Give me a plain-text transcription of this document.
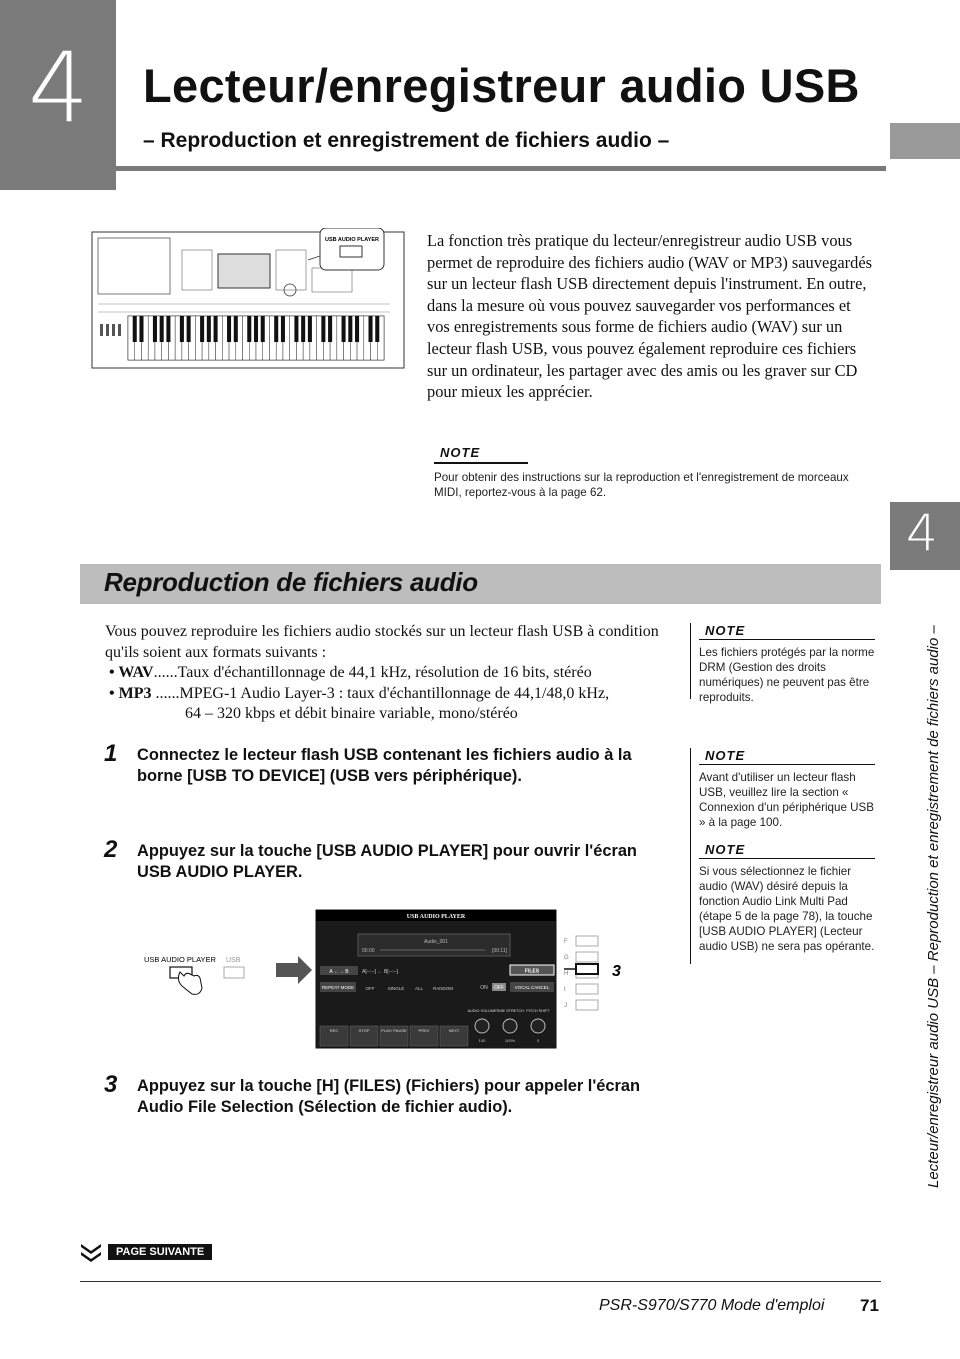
4 Lecteur/enregistreur audio USB
– Reproduction et enregistrement de fichiers audio –
4
Lecteur/enregistreur audio USB – Reproduction et enregistrement de fichiers audio –
USB AUDIO PLAYER	La fonction très pratique du lecteur/enregistreur audio USB vous permet de reproduire des fichiers audio (WAV or MP3) sauvegardés sur un lecteur flash USB directement depuis l'instrument. En outre, dans la mesure où vous pouvez sauvegarder vos performances et vos enregistrements sous forme de fichiers audio (WAV) sur un lecteur flash USB, vous pouvez également reproduire ces fichiers sur un ordinateur, les partager avec des amis ou les graver sur CD pour mieux les apprécier.

NOTE

Pour obtenir des instructions sur la reproduction et l'enregistrement de morceaux MIDI, reportez-vous à la page 62.

Reproduction de fichiers audio

Vous pouvez reproduire les fichiers audio stockés sur un lecteur flash USB à condition qu'ils soient aux formats suivants :

• WAV......Taux d'échantillonnage de 44,1 kHz, résolution de 16 bits, stéréo
• MP3 ......MPEG-1 Audio Layer-3 : taux d'échantillonnage de 44,1/48,0 kHz,
64 – 320 kbps et débit binaire variable, mono/stéréo
1 Connectez le lecteur flash USB contenant les fichiers audio à la borne [USB TO DEVICE] (USB vers périphérique).

2 Appuyez sur la touche [USB AUDIO PLAYER] pour ouvrir l'écran USB AUDIO PLAYER.

3 Appuyez sur la touche [H] (FILES) (Fichiers) pour appeler l'écran Audio File Selection (Sélection de fichier audio).

NOTE

Les fichiers protégés par la norme DRM (Gestion des droits numériques) ne peuvent pas être reproduits.

NOTE

Avant d'utiliser un lecteur flash USB, veuillez lire la section « Connexion d'un périphérique USB » à la page 100.

NOTE

Si vous sélectionnez le fichier audio (WAV) désiré depuis la fonction Audio Link Multi Pad (étape 5 de la page 78), la touche [USB AUDIO PLAYER] (Lecteur audio USB) ne sera pas opérante.

USB AUDIO PLAYER USB
USB AUDIO PLAYER
Audio_001
00:00	[00:11]
A ←→ B	A[--:--] ← B[--:--]	FILES
REPEAT MODE	OFF	SINGLE ALL RANDOM	ON OFF VOCAL CANCEL
REC	STOP	PLAY/ PAUSE	PREV	NEXT
AUDIO VOLUME
100
TIME STRETCH
100%
PITCH SHIFT
0
F
G
H
I
J
3
PAGE SUIVANTE
PSR-S970/S770 Mode d'emploi 71
